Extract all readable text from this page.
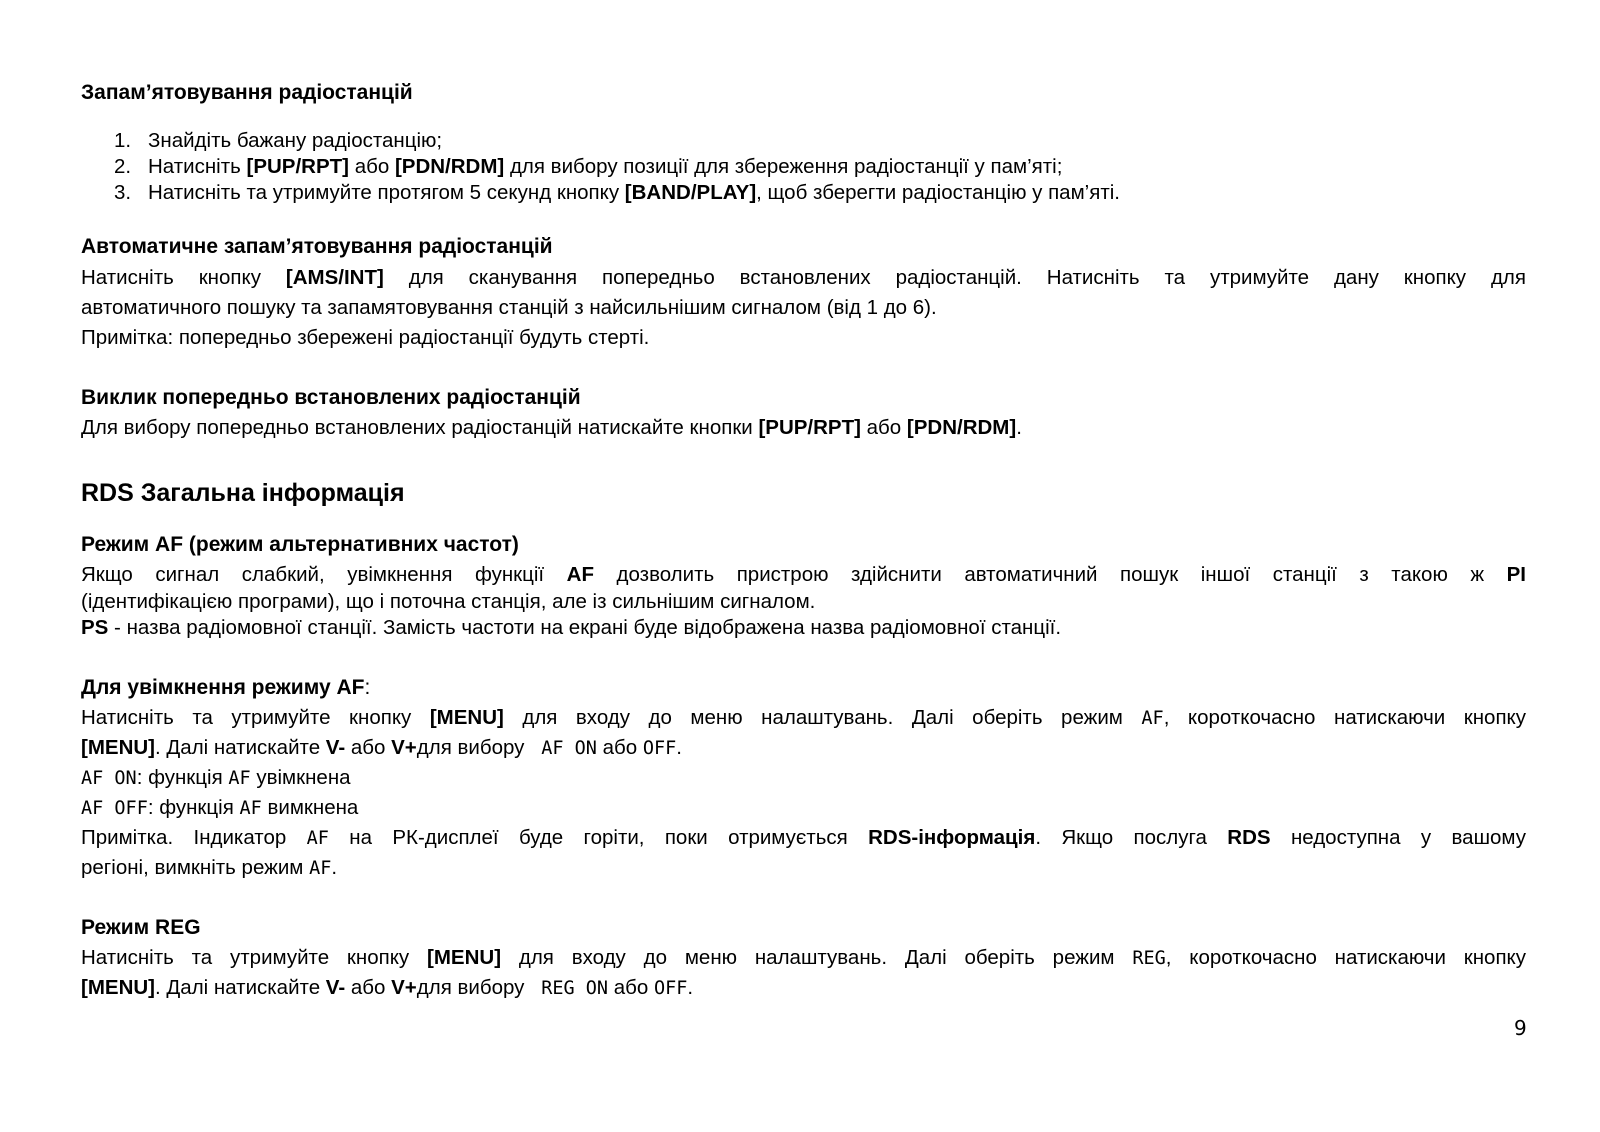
Запам’ятовування радіостанцій
1. Знайдіть бажану радіостанцію;
2. Натисніть [PUP/RPT] або [PDN/RDM] для вибору позиції для збереження радіостанції у пам’яті;
3. Натисніть та утримуйте протягом 5 секунд кнопку [BAND/PLAY], щоб зберегти радіостанцію у пам’яті.
Автоматичне запам’ятовування радіостанцій
Натисніть кнопку [AMS/INT] для сканування попередньо встановлених радіостанцій. Натисніть та утримуйте дану кнопку для
автоматичного пошуку та запамятовування станцій з найсильнішим сигналом (від 1 до 6).
Примітка: попередньо збережені радіостанції будуть стерті.
Виклик попередньо встановлених радіостанцій
Для вибору попередньо встановлених радіостанцій натискайте кнопки [PUP/RPT] або [PDN/RDM].
RDS Загальна інформація
Режим AF (режим альтернативних частот)
Якщо сигнал слабкий, увімкнення функції AF дозволить пристрою здійснити автоматичний пошук іншої станції з такою ж PI
(ідентифікацією програми), що і поточна станція, але із сильнішим сигналом.
PS - назва радіомовної станції. Замість частоти на екрані буде відображена назва радіомовної станції.
Для увімкнення режиму AF:
Натисніть та утримуйте кнопку [MENU] для входу до меню налаштувань. Далі оберіть режим AF, короткочасно натискаючи кнопку
[MENU]. Далі натискайте V- або V+для вибору  AF ON або OFF.
AF ON: функція AF увімкнена
AF OFF: функція AF вимкнена
Примітка. Індикатор AF на РК-дисплеї буде горіти, поки отримується RDS-інформація. Якщо послуга RDS недоступна у вашому
регіоні, вимкніть режим AF.
Режим REG
Натисніть та утримуйте кнопку [MENU] для входу до меню налаштувань. Далі оберіть режим REG, короткочасно натискаючи кнопку
[MENU]. Далі натискайте V- або V+для вибору  REG ON або OFF.
9
